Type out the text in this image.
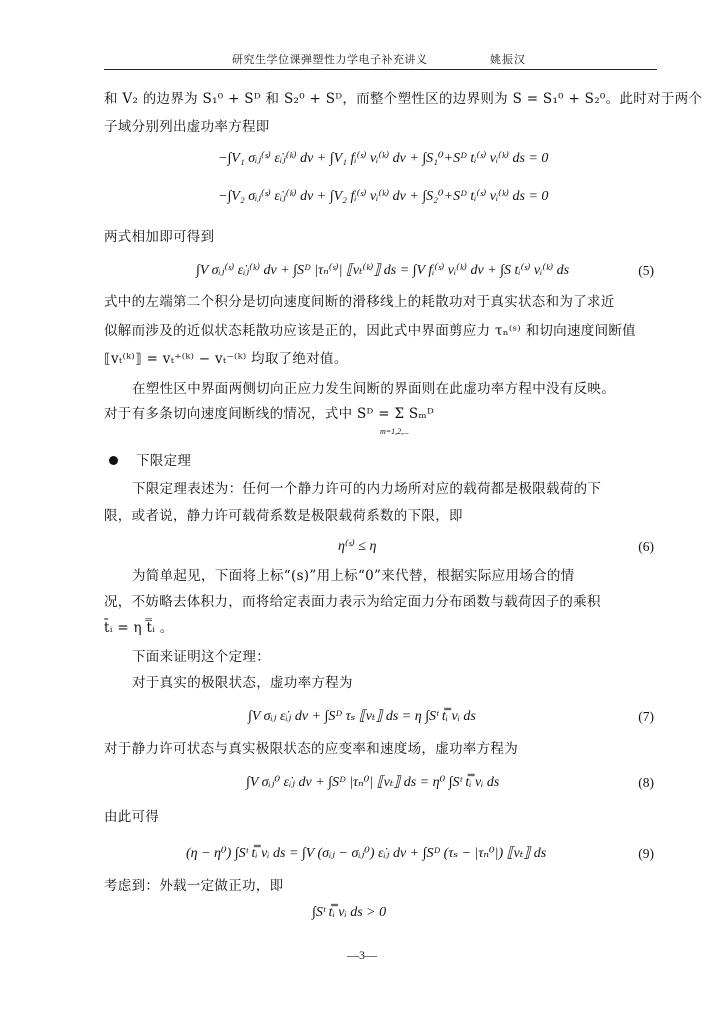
研究生学位课弹塑性力学电子补充讲义	姚振汉
和 V₂ 的边界为 S₁⁰ + Sᴰ 和 S₂⁰ + Sᴰ，而整个塑性区的边界则为 S = S₁⁰ + S₂⁰。此时对于两个
子域分别列出虚功率方程即
−∫V₁ σᵢⱼ⁽ˢ⁾ ε̇ᵢⱼ⁽ᵏ⁾ dv + ∫V₁ fᵢ⁽ˢ⁾ vᵢ⁽ᵏ⁾ dv + ∫S₁⁰+Sᴰ tᵢ⁽ˢ⁾ vᵢ⁽ᵏ⁾ ds = 0
−∫V₂ σᵢⱼ⁽ˢ⁾ ε̇ᵢⱼ⁽ᵏ⁾ dv + ∫V₂ fᵢ⁽ˢ⁾ vᵢ⁽ᵏ⁾ dv + ∫S₂⁰+Sᴰ tᵢ⁽ˢ⁾ vᵢ⁽ᵏ⁾ ds = 0
两式相加即可得到
∫V σᵢⱼ⁽ˢ⁾ ε̇ᵢⱼ⁽ᵏ⁾ dv + ∫Sᴰ |τₙ⁽ˢ⁾| ⟦vₜ⁽ᵏ⁾⟧ ds = ∫V fᵢ⁽ˢ⁾ vᵢ⁽ᵏ⁾ dv + ∫S tᵢ⁽ˢ⁾ vᵢ⁽ᵏ⁾ ds	(5)
式中的左端第二个积分是切向速度间断的滑移线上的耗散功对于真实状态和为了求近
似解而涉及的近似状态耗散功应该是正的，因此式中界面剪应力 τₙ⁽ˢ⁾ 和切向速度间断值
⟦vₜ⁽ᵏ⁾⟧ = vₜ⁺⁽ᵏ⁾ − vₜ⁻⁽ᵏ⁾ 均取了绝对值。
在塑性区中界面两侧切向正应力发生间断的界面则在此虚功率方程中没有反映。
对于有多条切向速度间断线的情况，式中 Sᴰ = Σ Sₘᴰ
m=1,2,...
下限定理
下限定理表述为：任何一个静力许可的内力场所对应的载荷都是极限载荷的下
限，或者说，静力许可载荷系数是极限载荷系数的下限，即
η⁽ˢ⁾ ≤ η	(6)
为简单起见，下面将上标“(s)”用上标“0”来代替，根据实际应用场合的情
况，不妨略去体积力，而将给定表面力表示为给定面力分布函数与载荷因子的乘积
t̄ᵢ = η t̿ᵢ 。
下面来证明这个定理：
对于真实的极限状态，虚功率方程为
∫V σᵢⱼ ε̇ᵢⱼ dv + ∫Sᴰ τₛ ⟦vₜ⟧ ds = η ∫Sᵗ t̿ᵢ vᵢ ds	(7)
对于静力许可状态与真实极限状态的应变率和速度场，虚功率方程为
∫V σᵢⱼ⁰ ε̇ᵢⱼ dv + ∫Sᴰ |τₙ⁰| ⟦vₜ⟧ ds = η⁰ ∫Sᵗ t̿ᵢ vᵢ ds	(8)
由此可得
(η − η⁰) ∫Sᵗ t̿ᵢ vᵢ ds = ∫V (σᵢⱼ − σᵢⱼ⁰) ε̇ᵢⱼ dv + ∫Sᴰ (τₛ − |τₙ⁰|) ⟦vₜ⟧ ds	(9)
考虑到：外载一定做正功，即
∫Sᵗ t̿ᵢ vᵢ ds > 0
—3—
